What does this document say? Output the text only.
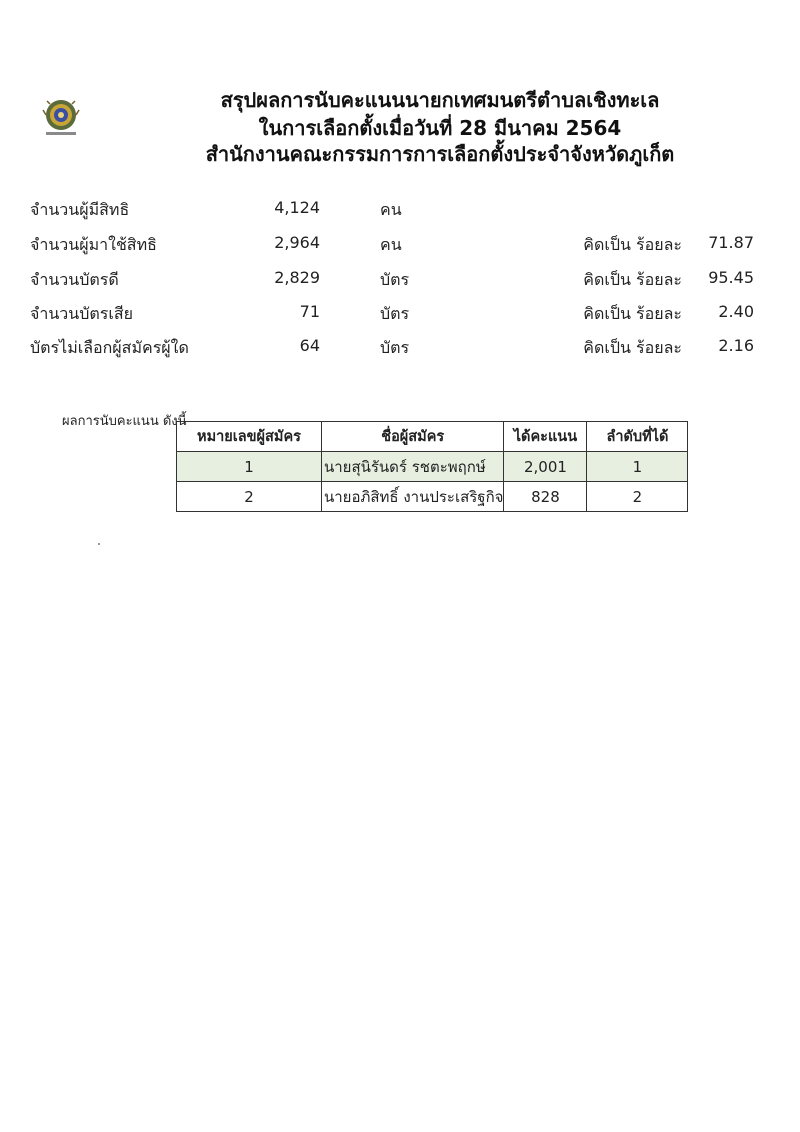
สรุปผลการนับคะแนนนายกเทศมนตรีตำบลเชิงทะเล
ในการเลือกตั้งเมื่อวันที่ 28 มีนาคม 2564
สำนักงานคณะกรรมการการเลือกตั้งประจำจังหวัดภูเก็ต
จำนวนผู้มีสิทธิ	4,124	คน
จำนวนผู้มาใช้สิทธิ	2,964	คน	คิดเป็น ร้อยละ 71.87
จำนวนบัตรดี	2,829	บัตร	คิดเป็น ร้อยละ 95.45
จำนวนบัตรเสีย	71	บัตร	คิดเป็น ร้อยละ 2.40
บัตรไม่เลือกผู้สมัครผู้ใด	64	บัตร	คิดเป็น ร้อยละ 2.16
ผลการนับคะแนน ดังนี้
หมายเลขผู้สมัคร	ชื่อผู้สมัคร	ได้คะแนน	ลำดับที่ได้
1	นายสุนิรันดร์ รชตะพฤกษ์	2,001	1
2	นายอภิสิทธิ์ งานประเสริฐกิจ	828	2
